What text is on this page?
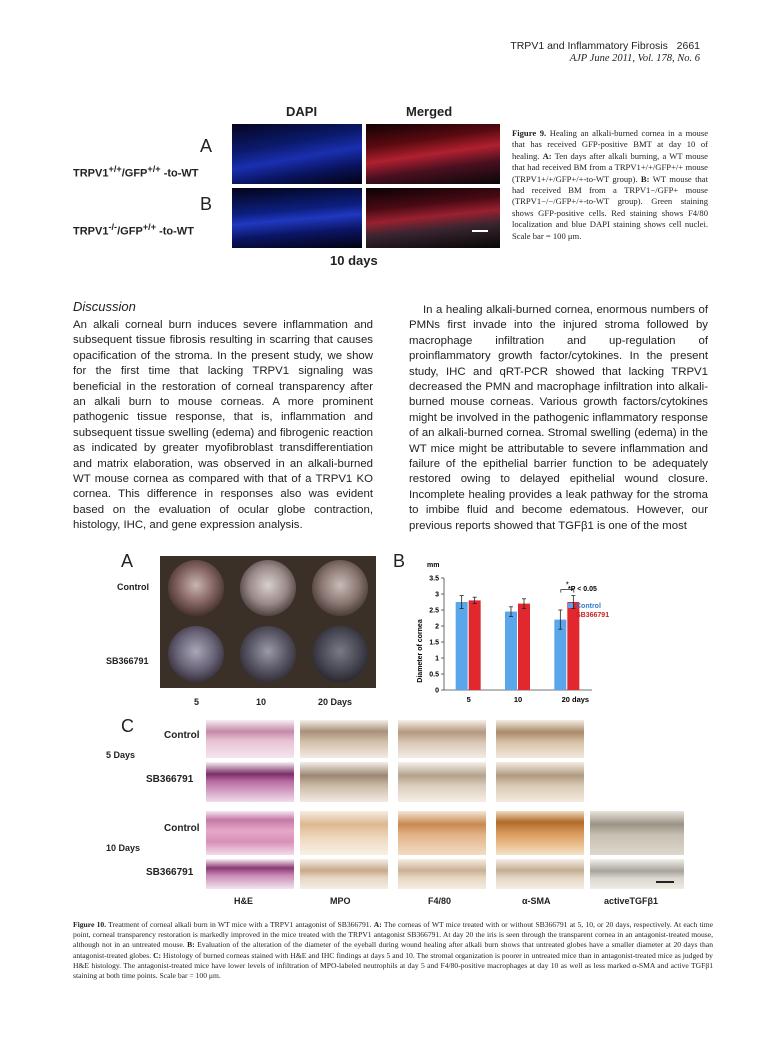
TRPV1 and Inflammatory Fibrosis 2661
AJP June 2011, Vol. 178, No. 6
DAPI	Merged
A
TRPV1+/+/GFP+/+ -to-WT
B
TRPV1-/-/GFP+/+ -to-WT
10 days
Figure 9. Healing an alkali-burned cornea in a mouse that has received GFP-positive BMT at day 10 of healing. A: Ten days after alkali burning, a WT mouse that had received BM from a TRPV1+/+/GFP+/+ mouse (TRPV1+/+/GFP+/+-to-WT group). B: WT mouse that had received BM from a TRPV1−/GFP+ mouse (TRPV1−/−/GFP+/+-to-WT group). Green staining shows GFP-positive cells. Red staining shows F4/80 localization and blue DAPI staining shows cell nuclei. Scale bar = 100 μm.
Discussion
An alkali corneal burn induces severe inflammation and subsequent tissue fibrosis resulting in scarring that causes opacification of the stroma. In the present study, we show for the first time that lacking TRPV1 signaling was beneficial in the restoration of corneal transparency after an alkali burn to mouse corneas. A more prominent pathogenic tissue response, that is, inflammation and subsequent tissue swelling (edema) and fibrogenic reaction as indicated by greater myofibroblast transdifferentiation and matrix elaboration, was observed in an alkali-burned WT mouse cornea as compared with that of a TRPV1 KO cornea. This difference in responses also was evident based on the evaluation of ocular globe contraction, histology, IHC, and gene expression analysis.
In a healing alkali-burned cornea, enormous numbers of PMNs first invade into the injured stroma followed by macrophage infiltration and up-regulation of proinflammatory growth factor/cytokines. In the present study, IHC and qRT-PCR showed that lacking TRPV1 decreased the PMN and macrophage infiltration into alkali-burned mouse corneas. Various growth factors/cytokines might be involved in the pathogenic inflammatory response of an alkali-burned cornea. Stromal swelling (edema) in the WT mice might be attributable to severe inflammation and failure of the epithelial barrier function to be adequately restored owing to delayed epithelial wound closure. Incomplete healing provides a leak pathway for the stroma to imbibe fluid and become edematous. However, our previous reports showed that TGFβ1 is one of the most
A
Control
SB366791
5	10	20 Days
B	mm
Diameter of cornea
0
0.5
1
1.5
2
2.5
3
3.5
5	10	20 days
* *P < 0.05
Control
SB366791
C	Control
5 Days
SB366791
Control
10 Days
SB366791
H&E	MPO	F4/80	α-SMA	activeTGFβ1
Figure 10. Treatment of corneal alkali burn in WT mice with a TRPV1 antagonist of SB366791. A: The corneas of WT mice treated with or without SB366791 at 5, 10, or 20 days, respectively. At each time point, corneal transparency restoration is markedly improved in the mice treated with the TRPV1 antagonist SB366791. At day 20 the iris is seen through the transparent cornea in an antagonist-treated mouse, although not in an untreated mouse. B: Evaluation of the alteration of the diameter of the eyeball during wound healing after alkali burn shows that untreated globes have a smaller diameter at 20 days than antagonist-treated globes. C: Histology of burned corneas stained with H&E and IHC findings at days 5 and 10. The stromal organization is poorer in untreated mice than in antagonist-treated mice as judged by H&E histology. The antagonist-treated mice have lower levels of infiltration of MPO-labeled neutrophils at day 5 and F4/80-positive macrophages at day 10 as well as less marked α-SMA and active TGFβ1 staining at both time points. Scale bar = 100 μm.
